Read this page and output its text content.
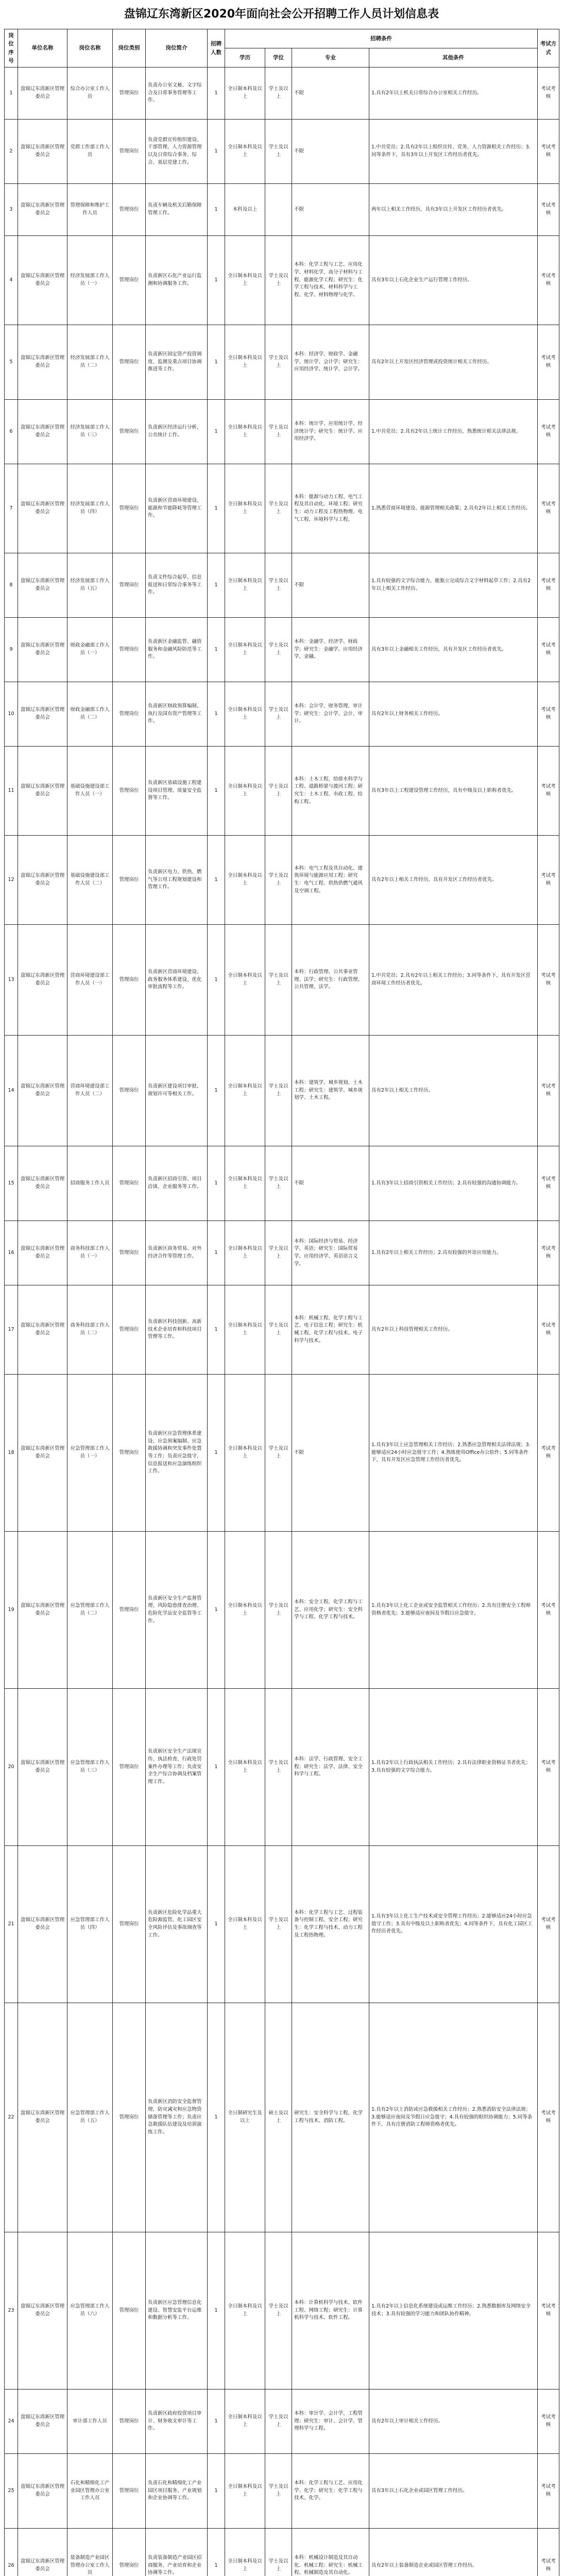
盘锦辽东湾新区2020年面向社会公开招聘工作人员计划信息表
岗位序号	单位名称	岗位名称	岗位类别	岗位简介	招聘人数	招聘条件				考试方式
						学历	学位	专业	其他条件	
1	盘锦辽东湾新区管理委员会	综合办公室工作人员	管理岗位	负责办公室文秘、文字综合及日常事务管理等工作。	1	全日制本科及以上	学士及以上	不限	1.具有2年以上机关日常综合办公室相关工作经历。	考试考核
2	盘锦辽东湾新区管理委员会	党群工作部工作人员	管理岗位	负责党群宣传组织建设、干部管理、人力资源管理以及日常综合事务、综合、基层党建工作。	1	全日制本科及以上	学士及以上	不限	1.中共党员；2.具有2年以上组织宣传、党务、人力资源相关工作经历；3.同等条件下，具有3年以上开发区工作经历者优先。	考试考核
3	盘锦辽东湾新区管理委员会	管理保障和维护工作人员	管理岗位	负责车辆及机关后勤保障管理工作。	1	本科及以上		不限	两年以上相关工作经历，具有3年以上开发区工作经历者优先。	考试考核
4	盘锦辽东湾新区管理委员会	经济发展部工作人员（一）	管理岗位	负责新区石化产业运行监测和协调服务工作。	1	全日制本科及以上	学士及以上	本科：化学工程与工艺、应用化学、材料化学、高分子材料与工程、能源化学工程；研究生：化学工程与技术、材料科学与工程、化学、材料物理与化学。	具有3年以上石化企业生产运行管理工作经历。	考试考核
5	盘锦辽东湾新区管理委员会	经济发展部工作人员（二）	管理岗位	负责新区固定资产投资调度、监测及重点项目协调推进等工作。	1	全日制本科及以上	学士及以上	本科：经济学、财政学、金融学、统计学、会计学；研究生：应用经济学、统计学、会计学。	具有2年以上开发区经济管理或投资统计相关工作经历。	考试考核
6	盘锦辽东湾新区管理委员会	经济发展部工作人员（三）	管理岗位	负责新区经济运行分析，公共统计工作。	1	全日制本科及以上	学士及以上	本科：统计学、应用统计学、经济统计学；研究生：统计学、应用经济学。	1.中共党员；2.具有2年以上统计工作经历，熟悉统计相关法律法规。	考试考核
7	盘锦辽东湾新区管理委员会	经济发展部工作人员（四）	管理岗位	负责新区营商环境建设、能源和节能降耗等管理工作。	1	全日制本科及以上	学士及以上	本科：能源与动力工程、电气工程及其自动化、环境工程；研究生：动力工程及工程热物理、电气工程、环境科学与工程。	1.熟悉营商环境建设、能源管理相关政策；2.具有2年以上相关工作经历。	考试考核
8	盘锦辽东湾新区管理委员会	经济发展部工作人员（五）	管理岗位	负责文件综合起草、信息报送和日常综合事务等工作。	1	全日制本科及以上	学士及以上	不限	1.具有较强的文字综合能力，能独立完成综合文字材料起草工作；2.具有2年以上相关工作经历。	考试考核
9	盘锦辽东湾新区管理委员会	财政金融部工作人员（一）	管理岗位	负责新区金融监管、融资服务和金融风险防范等工作。	1	全日制本科及以上	学士及以上	本科：金融学、经济学、财政学；研究生：金融学、应用经济学、金融。	具有3年以上金融相关工作经历，具有开发区工作经历者优先。	考试考核
10	盘锦辽东湾新区管理委员会	财政金融部工作人员（二）	管理岗位	负责新区财政预算编制、执行及国有资产管理等工作。	1	全日制本科及以上	学士及以上	本科：会计学、财务管理、审计学；研究生：会计学、会计、审计。	具有2年以上财务相关工作经历。	考试考核
11	盘锦辽东湾新区管理委员会	基础设施建设部工作人员（一）	管理岗位	负责新区基础设施工程建设项目管理、质量安全监督等工作。	1	全日制本科及以上	学士及以上	本科：土木工程、给排水科学与工程、道路桥梁与渡河工程；研究生：土木工程、市政工程、结构工程。	具有3年以上工程建设管理工作经历，具有中级及以上职称者优先。	考试考核
12	盘锦辽东湾新区管理委员会	基础设施建设部工作人员（二）	管理岗位	负责新区电力、供热、燃气等公用工程规划建设和管理工作。	1	全日制本科及以上	学士及以上	本科：电气工程及其自动化、建筑环境与能源应用工程；研究生：电气工程、供热供燃气通风及空调工程。	具有2年以上相关工作经历，具有开发区工作经历者优先。	考试考核
13	盘锦辽东湾新区管理委员会	营商环境建设部工作人员（一）	管理岗位	负责新区营商环境建设、政务服务体系建设、优化审批流程等工作。	1	全日制本科及以上	学士及以上	本科：行政管理、公共事业管理、法学；研究生：行政管理、公共管理、法学。	1.中共党员；2.具有2年以上相关工作经历；3.同等条件下，具有开发区营商环境工作经历者优先。	考试考核
14	盘锦辽东湾新区管理委员会	营商环境建设部工作人员（二）	管理岗位	负责新区建设项目审批、规划许可等相关工作。	1	全日制本科及以上	学士及以上	本科：建筑学、城乡规划、土木工程；研究生：建筑学、城乡规划学、土木工程。	具有2年以上相关工作经历。	考试考核
15	盘锦辽东湾新区管理委员会	招商服务工作人员	管理岗位	负责新区招商引资、项目洽谈、企业服务等工作。	1	全日制本科及以上	学士及以上	不限	1.具有3年以上招商引资相关工作经历；2.具有较强的沟通协调能力。	考试考核
16	盘锦辽东湾新区管理委员会	商务科技部工作人员（一）	管理岗位	负责新区商务贸易、对外经济合作等管理工作。	1	全日制本科及以上	学士及以上	本科：国际经济与贸易、经济学、英语；研究生：国际贸易学、应用经济学、英语语言文学。	1.具有2年以上相关工作经历；2.具有较强的外语应用能力。	考试考核
17	盘锦辽东湾新区管理委员会	商务科技部工作人员（二）	管理岗位	负责新区科技创新、高新技术企业培育和科技项目管理等工作。	1	全日制本科及以上	学士及以上	本科：机械工程、化学工程与工艺、电子信息工程；研究生：机械工程、化学工程与技术、电子科学与技术。	具有2年以上科技管理相关工作经历。	考试考核
18	盘锦辽东湾新区管理委员会	应急管理部工作人员（一）	管理岗位	负责新区应急管理体系建设、应急预案编制、应急救援协调和突发事件处置等工作；负责应急值守、信息报送和应急演练组织工作。	1	全日制本科及以上	学士及以上	不限	1.具有3年以上应急管理相关工作经历；2.熟悉应急管理相关法律法规；3.能够适应24小时应急值守工作；4.熟练使用Office办公软件；5.同等条件下，具有开发区应急管理工作经历者优先。	考试考核
19	盘锦辽东湾新区管理委员会	应急管理部工作人员（二）	管理岗位	负责新区安全生产监督管理、风险隐患排查治理、危险化学品安全监管等工作。	1	全日制本科及以上	学士及以上	本科：安全工程、化学工程与工艺、应用化学；研究生：安全科学与工程、化学工程与技术。	1.具有3年以上化工企业或安全监管相关工作经历；2.具有注册安全工程师资格者优先；3.能够适应夜间及节假日应急值守。	考试考核
20	盘锦辽东湾新区管理委员会	应急管理部工作人员（三）	管理岗位	负责新区安全生产法规宣传、执法检查、行政处罚案件办理等工作；负责安全生产综合协调及档案管理工作。	1	全日制本科及以上	学士及以上	本科：法学、行政管理、安全工程；研究生：法学、法律、安全科学与工程。	1.具有2年以上行政执法相关工作经历；2.具有法律职业资格证书者优先；3.具有较强的文字综合能力。	考试考核
21	盘锦辽东湾新区管理委员会	应急管理部工作人员（四）	管理岗位	负责新区危险化学品重大危险源监管、化工园区安全风险评估及事故调查等工作。	1	全日制本科及以上	学士及以上	本科：化学工程与工艺、过程装备与控制工程、安全工程；研究生：化学工程与技术、动力工程及工程热物理。	1.具有3年以上化工生产技术或安全管理工作经历；2.能够适应24小时应急值守工作；3.具有中级及以上职称者优先；4.同等条件下，具有化工园区工作经历者优先。	考试考核
22	盘锦辽东湾新区管理委员会	应急管理部工作人员（五）	管理岗位	负责新区消防安全监督管理、防灾减灾和应急物资储备管理等工作；负责应急救援队伍建设及培训演练工作。	1	全日制研究生及以上	硕士及以上	研究生：安全科学与工程、化学工程与技术、消防工程。	1.具有2年以上消防或应急救援相关工作经历；2.熟悉消防安全法律法规；3.能够适应夜间及节假日应急值守；4.具有较强的组织协调能力；5.同等条件下，具有注册消防工程师资格者优先。	考试考核
23	盘锦辽东湾新区管理委员会	应急管理部工作人员（六）	管理岗位	负责新区应急管理信息化建设、智慧安监平台运维和数据分析等工作。	1	全日制本科及以上	学士及以上	本科：计算机科学与技术、软件工程、网络工程；研究生：计算机科学与技术、软件工程。	1.具有2年以上信息化系统建设或运维工作经历；2.熟悉数据库及网络安全技术；3.具有较强的学习能力和团队协作精神。	考试考核
24	盘锦辽东湾新区管理委员会	审计部工作人员	管理岗位	负责新区政府投资项目审计、财务收支审计等工作。	1	全日制本科及以上	学士及以上	本科：审计学、会计学、工程管理；研究生：审计、会计学、管理科学与工程。	具有2年以上审计相关工作经历。	考试考核
25	盘锦辽东湾新区管理委员会	石化和精细化工产业园区管理办公室工作人员	管理岗位	负责石化和精细化工产业园区项目服务、产业规划和企业协调等工作。	1	全日制本科及以上	学士及以上	本科：化学工程与工艺、应用化学、化学；研究生：化学工程与技术、化学。	具有3年以上石化企业或园区管理工作经历。	考试考核
26	盘锦辽东湾新区管理委员会	装备制造产业园区管理办公室工作人员	管理岗位	负责装备制造产业园区招商服务、产业培育和企业协调等工作。	1	全日制本科及以上	学士及以上	本科：机械设计制造及其自动化、机械工程；研究生：机械工程、机械制造及其自动化。	具有2年以上装备制造企业或园区管理工作经历。	考试考核
